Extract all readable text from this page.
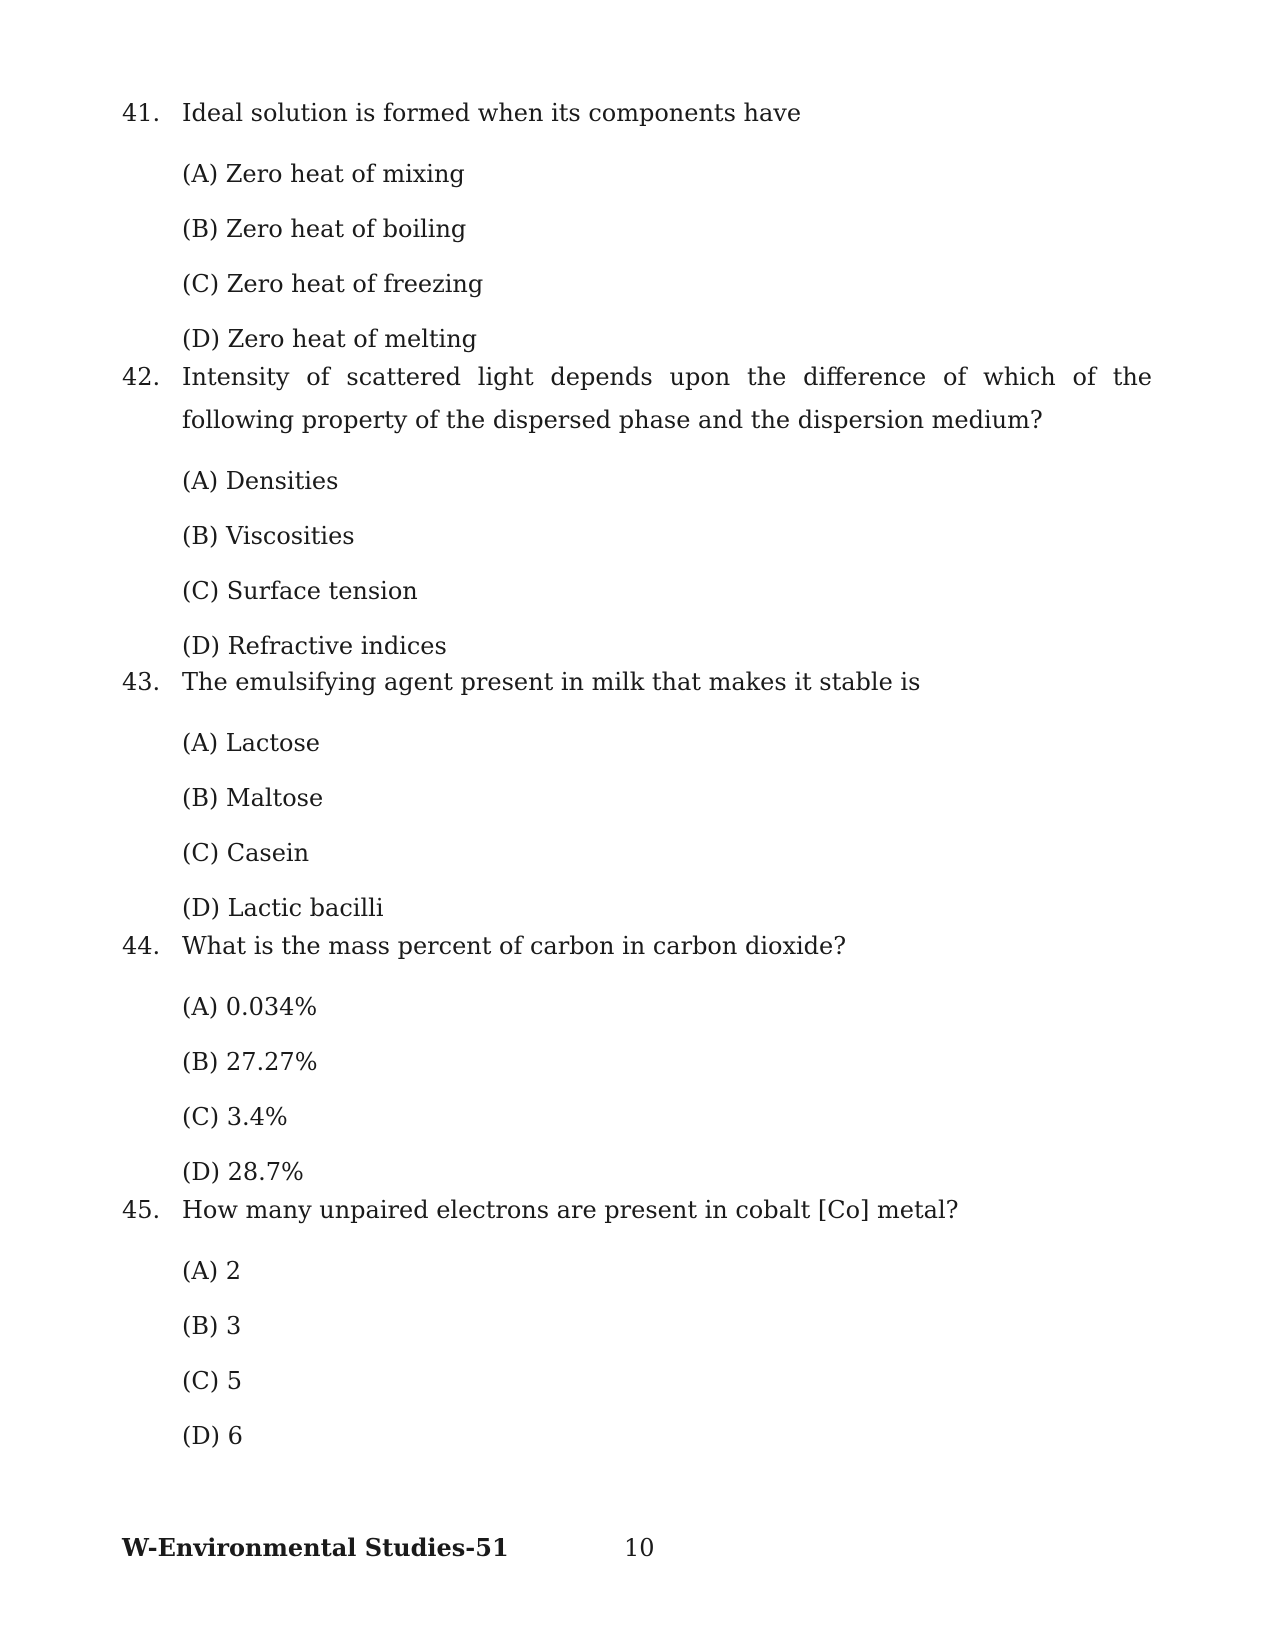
41. Ideal solution is formed when its components have
(A) Zero heat of mixing
(B) Zero heat of boiling
(C) Zero heat of freezing
(D) Zero heat of melting
42. Intensity of scattered light depends upon the difference of which of the following property of the dispersed phase and the dispersion medium?
(A) Densities
(B) Viscosities
(C) Surface tension
(D) Refractive indices
43. The emulsifying agent present in milk that makes it stable is
(A) Lactose
(B) Maltose
(C) Casein
(D) Lactic bacilli
44. What is the mass percent of carbon in carbon dioxide?
(A) 0.034%
(B) 27.27%
(C) 3.4%
(D) 28.7%
45. How many unpaired electrons are present in cobalt [Co] metal?
(A) 2
(B) 3
(C) 5
(D) 6
W-Environmental Studies-51	10
